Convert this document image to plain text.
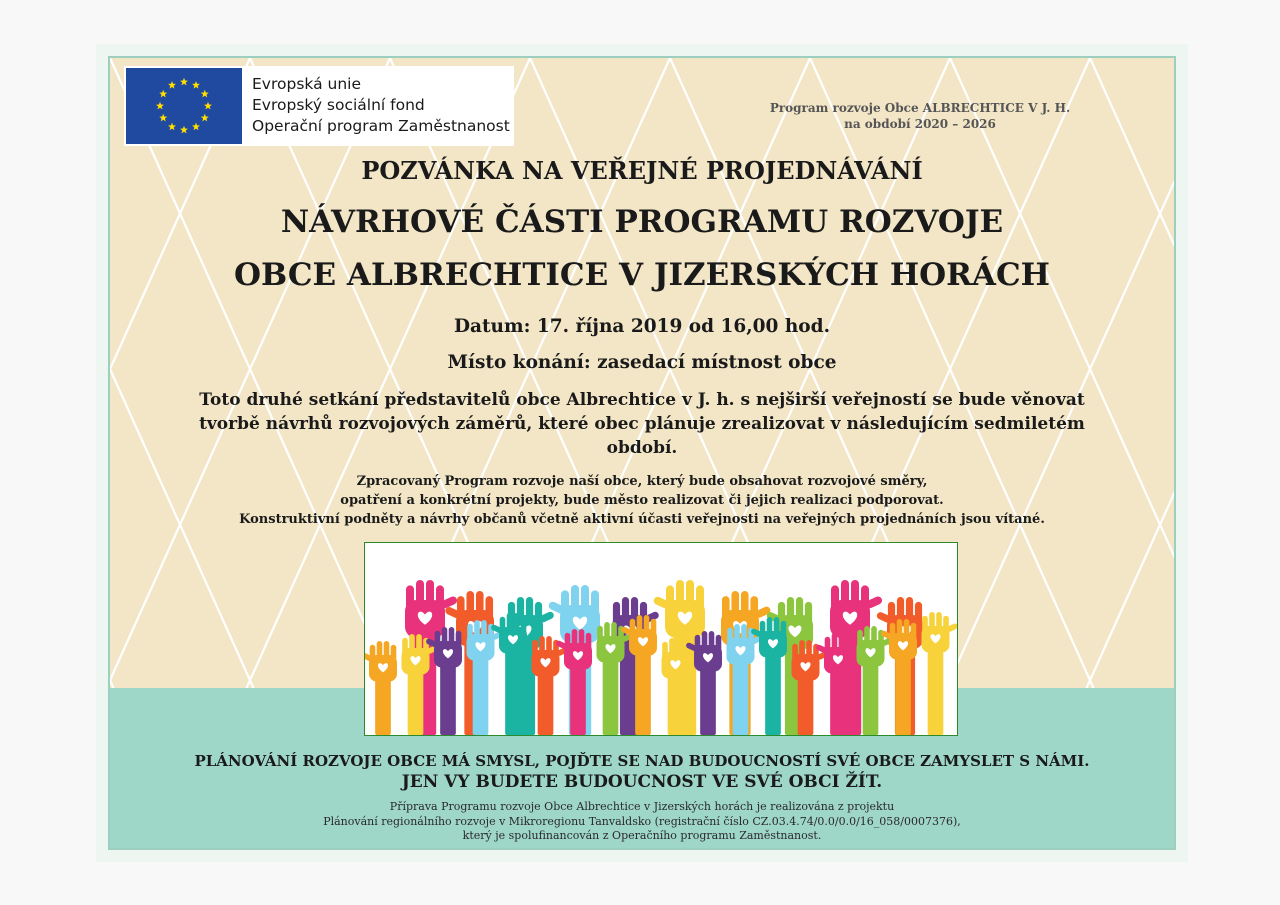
Evropská unie
Evropský sociální fond
Operační program Zaměstnanost
Program rozvoje Obce ALBRECHTICE V J. H.
na období 2020 – 2026
POZVÁNKA NA VEŘEJNÉ PROJEDNÁVÁNÍ
NÁVRHOVÉ ČÁSTI PROGRAMU ROZVOJE
OBCE ALBRECHTICE V JIZERSKÝCH HORÁCH
Datum: 17. října 2019 od 16,00 hod.
Místo konání: zasedací místnost obce
Toto druhé setkání představitelů obce Albrechtice v J. h. s nejširší veřejností se bude věnovat
tvorbě návrhů rozvojových záměrů, které obec plánuje zrealizovat v následujícím sedmiletém
období.
Zpracovaný Program rozvoje naší obce, který bude obsahovat rozvojové směry,
opatření a konkrétní projekty, bude město realizovat či jejich realizaci podporovat.
Konstruktivní podněty a návrhy občanů včetně aktivní účasti veřejnosti na veřejných projednáních jsou vítané.
PLÁNOVÁNÍ ROZVOJE OBCE MÁ SMYSL, POJĎTE SE NAD BUDOUCNOSTÍ SVÉ OBCE ZAMYSLET S NÁMI.
JEN VY BUDETE BUDOUCNOST VE SVÉ OBCI ŽÍT.
Příprava Programu rozvoje Obce Albrechtice v Jizerských horách je realizována z projektu
Plánování regionálního rozvoje v Mikroregionu Tanvaldsko (registrační číslo CZ.03.4.74/0.0/0.0/16_058/0007376),
který je spolufinancován z Operačního programu Zaměstnanost.
